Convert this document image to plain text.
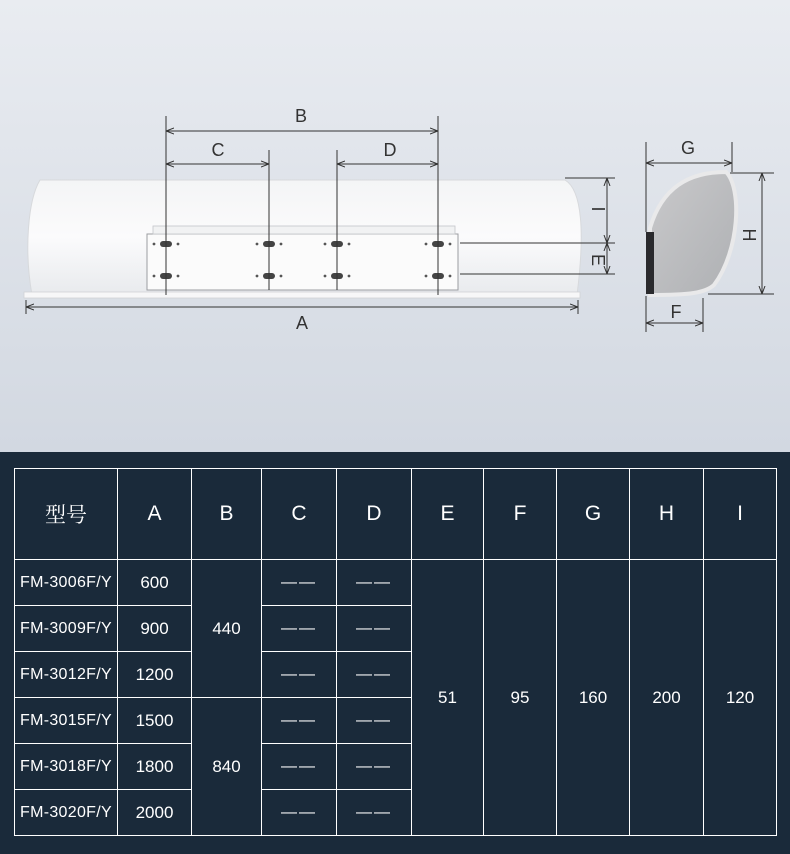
B
C	D
A
I
E
G
H
F
型号	A	B	C	D	E	F	G	H	I
FM-3006F/Y	600	440	——	——	51	95	160	200	120
FM-3009F/Y	900		——	——					
FM-3012F/Y	1200		——	——					
FM-3015F/Y	1500	840	——	——					
FM-3018F/Y	1800		——	——					
FM-3020F/Y	2000		——	——					
